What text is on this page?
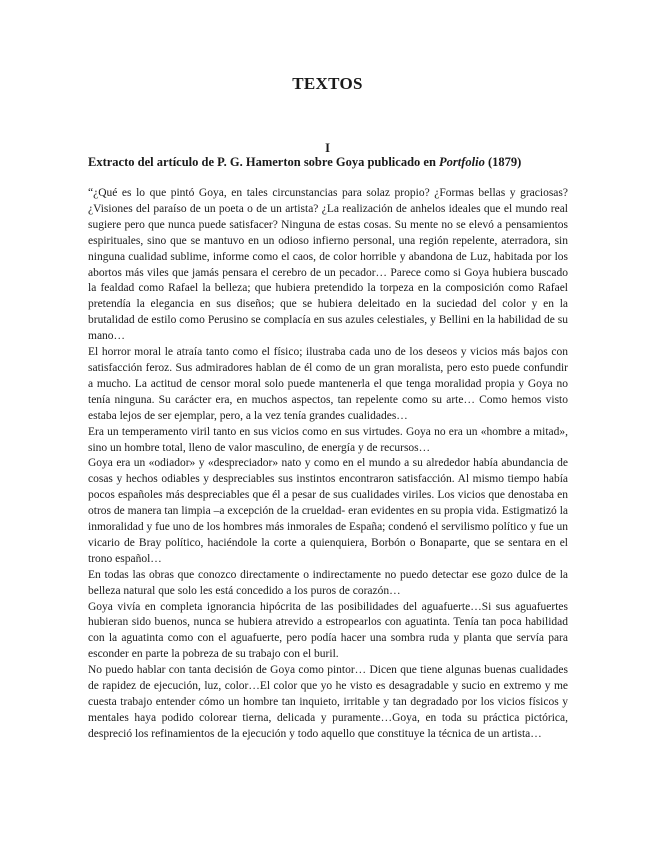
TEXTOS
I
Extracto del artículo de P. G. Hamerton sobre Goya publicado en Portfolio (1879)

“¿Qué es lo que pintó Goya, en tales circunstancias para solaz propio? ¿Formas bellas y graciosas? ¿Visiones del paraíso de un poeta o de un artista? ¿La realización de anhelos ideales que el mundo real sugiere pero que nunca puede satisfacer? Ninguna de estas cosas. Su mente no se elevó a pensamientos espirituales, sino que se mantuvo en un odioso infierno personal, una región repelente, aterradora, sin ninguna cualidad sublime, informe como el caos, de color horrible y abandona de Luz, habitada por los abortos más viles que jamás pensara el cerebro de un pecador… Parece como si Goya hubiera buscado la fealdad como Rafael la belleza; que hubiera pretendido la torpeza en la composición como Rafael pretendía la elegancia en sus diseños; que se hubiera deleitado en la suciedad del color y en la brutalidad de estilo como Perusino se complacía en sus azules celestiales, y Bellini en la habilidad de su mano…

El horror moral le atraía tanto como el físico; ilustraba cada uno de los deseos y vicios más bajos con satisfacción feroz. Sus admiradores hablan de él como de un gran moralista, pero esto puede confundir a mucho. La actitud de censor moral solo puede mantenerla el que tenga moralidad propia y Goya no tenía ninguna. Su carácter era, en muchos aspectos, tan repelente como su arte… Como hemos visto estaba lejos de ser ejemplar, pero, a la vez tenía grandes cualidades…

Era un temperamento viril tanto en sus vicios como en sus virtudes. Goya no era un «hombre a mitad», sino un hombre total, lleno de valor masculino, de energía y de recursos…

Goya era un «odiador» y «despreciador» nato y como en el mundo a su alrededor había abundancia de cosas y hechos odiables y despreciables sus instintos encontraron satisfacción. Al mismo tiempo había pocos españoles más despreciables que él a pesar de sus cualidades viriles. Los vicios que denostaba en otros de manera tan limpia –a excepción de la crueldad- eran evidentes en su propia vida. Estigmatizó la inmoralidad y fue uno de los hombres más inmorales de España; condenó el servilismo político y fue un vicario de Bray político, haciéndole la corte a quienquiera, Borbón o Bonaparte, que se sentara en el trono español…

En todas las obras que conozco directamente o indirectamente no puedo detectar ese gozo dulce de la belleza natural que solo les está concedido a los puros de corazón…

Goya vivía en completa ignorancia hipócrita de las posibilidades del aguafuerte…Si sus aguafuertes hubieran sido buenos, nunca se hubiera atrevido a estropearlos con aguatinta. Tenía tan poca habilidad con la aguatinta como con el aguafuerte, pero podía hacer una sombra ruda y planta que servía para esconder en parte la pobreza de su trabajo con el buril.

No puedo hablar con tanta decisión de Goya como pintor… Dicen que tiene algunas buenas cualidades de rapidez de ejecución, luz, color…El color que yo he visto es desagradable y sucio en extremo y me cuesta trabajo entender cómo un hombre tan inquieto, irritable y tan degradado por los vicios físicos y mentales haya podido colorear tierna, delicada y puramente…Goya, en toda su práctica pictórica, despreció los refinamientos de la ejecución y todo aquello que constituye la técnica de un artista…
